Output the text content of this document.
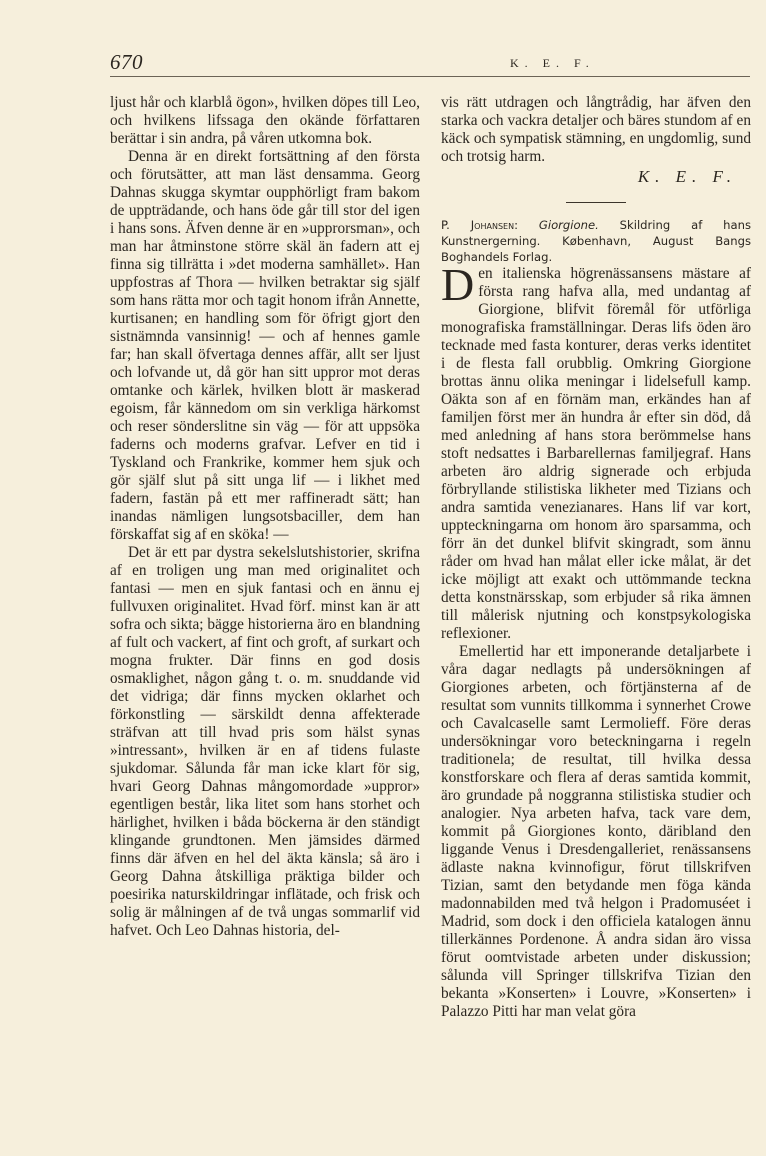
670	K. E. F.

ljust hår och klarblå ögon», hvilken döpes till Leo, och hvilkens lifssaga den okände författaren berättar i sin andra, på våren utkomna bok.

Denna är en direkt fortsättning af den första och förutsätter, att man läst densamma. Georg Dahnas skugga skymtar oupphörligt fram bakom de uppträdande, och hans öde går till stor del igen i hans sons. Äfven denne är en »upprorsman», och man har åtminstone större skäl än fadern att ej finna sig tillrätta i »det moderna samhället». Han uppfostras af Thora — hvilken betraktar sig själf som hans rätta mor och tagit honom ifrån Annette, kurtisanen; en handling som för öfrigt gjort den sistnämnda vansinnig! — och af hennes gamle far; han skall öfvertaga dennes affär, allt ser ljust och lofvande ut, då gör han sitt uppror mot deras omtanke och kärlek, hvilken blott är maskerad egoism, får kännedom om sin verkliga härkomst och reser sönderslitne sin väg — för att uppsöka faderns och moderns grafvar. Lefver en tid i Tyskland och Frankrike, kommer hem sjuk och gör själf slut på sitt unga lif — i likhet med fadern, fastän på ett mer raffineradt sätt; han inandas nämligen lungsotsbaciller, dem han förskaffat sig af en sköka! —

Det är ett par dystra sekelslutshistorier, skrifna af en troligen ung man med originalitet och fantasi — men en sjuk fantasi och en ännu ej fullvuxen originalitet. Hvad förf. minst kan är att sofra och sikta; bägge historierna äro en blandning af fult och vackert, af fint och groft, af surkart och mogna frukter. Där finns en god dosis osmaklighet, någon gång t. o. m. snuddande vid det vidriga; där finns mycken oklarhet och förkonstling — särskildt denna affekterade sträfvan att till hvad pris som hälst synas »intressant», hvilken är en af tidens fulaste sjukdomar. Sålunda får man icke klart för sig, hvari Georg Dahnas mångomordade »uppror» egentligen består, lika litet som hans storhet och härlighet, hvilken i båda böckerna är den ständigt klingande grundtonen. Men jämsides därmed finns där äfven en hel del äkta känsla; så äro i Georg Dahna åtskilliga präktiga bilder och poesirika naturskildringar inflätade, och frisk och solig är målningen af de två ungas sommarlif vid hafvet. Och Leo Dahnas historia, del-

vis rätt utdragen och långtrådig, har äfven den starka och vackra detaljer och bäres stundom af en käck och sympatisk stämning, en ungdomlig, sund och trotsig harm.

K. E. F.

P. Johansen: Giorgione. Skildring af hans Kunstnergerning. København, August Bangs Boghandels Forlag.

Den italienska högrenässansens mästare af första rang hafva alla, med undantag af Giorgione, blifvit föremål för utförliga monografiska framställningar. Deras lifs öden äro tecknade med fasta konturer, deras verks identitet i de flesta fall orubblig. Omkring Giorgione brottas ännu olika meningar i lidelsefull kamp. Oäkta son af en förnäm man, erkändes han af familjen först mer än hundra år efter sin död, då med anledning af hans stora berömmelse hans stoft nedsattes i Barbarellernas familjegraf. Hans arbeten äro aldrig signerade och erbjuda förbryllande stilistiska likheter med Tizians och andra samtida venezianares. Hans lif var kort, uppteckningarna om honom äro sparsamma, och förr än det dunkel blifvit skingradt, som ännu råder om hvad han målat eller icke målat, är det icke möjligt att exakt och uttömmande teckna detta konstnärsskap, som erbjuder så rika ämnen till målerisk njutning och konstpsykologiska reflexioner.

Emellertid har ett imponerande detaljarbete i våra dagar nedlagts på undersökningen af Giorgiones arbeten, och förtjänsterna af de resultat som vunnits tillkomma i synnerhet Crowe och Cavalcaselle samt Lermolieff. Före deras undersökningar voro beteckningarna i regeln traditionela; de resultat, till hvilka dessa konstforskare och flera af deras samtida kommit, äro grundade på noggranna stilistiska studier och analogier. Nya arbeten hafva, tack vare dem, kommit på Giorgiones konto, däribland den liggande Venus i Dresdengalleriet, renässansens ädlaste nakna kvinnofigur, förut tillskrifven Tizian, samt den betydande men föga kända madonnabilden med två helgon i Pradomuséet i Madrid, som dock i den officiela katalogen ännu tillerkännes Pordenone. Å andra sidan äro vissa förut oomtvistade arbeten under diskussion; sålunda vill Springer tillskrifva Tizian den bekanta »Konserten» i Louvre, »Konserten» i Palazzo Pitti har man velat göra
